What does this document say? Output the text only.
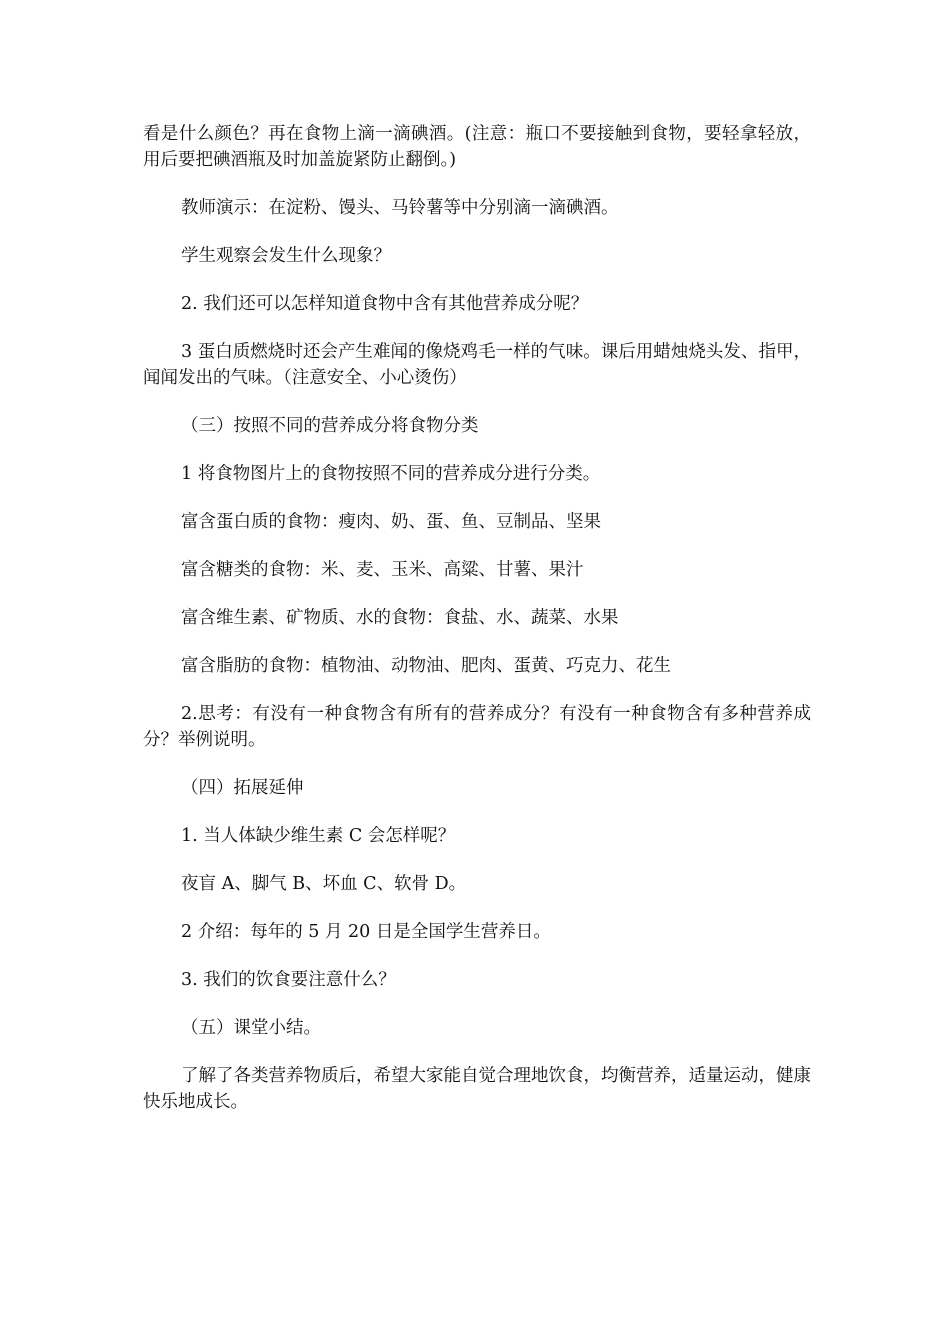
看是什么颜色？再在食物上滴一滴碘酒。(注意：瓶口不要接触到食物，要轻拿轻放，用后要把碘酒瓶及时加盖旋紧防止翻倒。)

教师演示：在淀粉、馒头、马铃薯等中分别滴一滴碘酒。

学生观察会发生什么现象？

2. 我们还可以怎样知道食物中含有其他营养成分呢？

3 蛋白质燃烧时还会产生难闻的像烧鸡毛一样的气味。课后用蜡烛烧头发、指甲，闻闻发出的气味。（注意安全、小心烫伤）

（三）按照不同的营养成分将食物分类

1 将食物图片上的食物按照不同的营养成分进行分类。

富含蛋白质的食物：瘦肉、奶、蛋、鱼、豆制品、坚果

富含糖类的食物：米、麦、玉米、高粱、甘薯、果汁

富含维生素、矿物质、水的食物：食盐、水、蔬菜、水果

富含脂肪的食物：植物油、动物油、肥肉、蛋黄、巧克力、花生

2.思考：有没有一种食物含有所有的营养成分？有没有一种食物含有多种营养成分？举例说明。

（四）拓展延伸

1. 当人体缺少维生素 C 会怎样呢？

夜盲 A、脚气 B、坏血 C、软骨 D。

2 介绍：每年的 5 月 20 日是全国学生营养日。

3. 我们的饮食要注意什么？

（五）课堂小结。

了解了各类营养物质后，希望大家能自觉合理地饮食，均衡营养，适量运动，健康快乐地成长。
